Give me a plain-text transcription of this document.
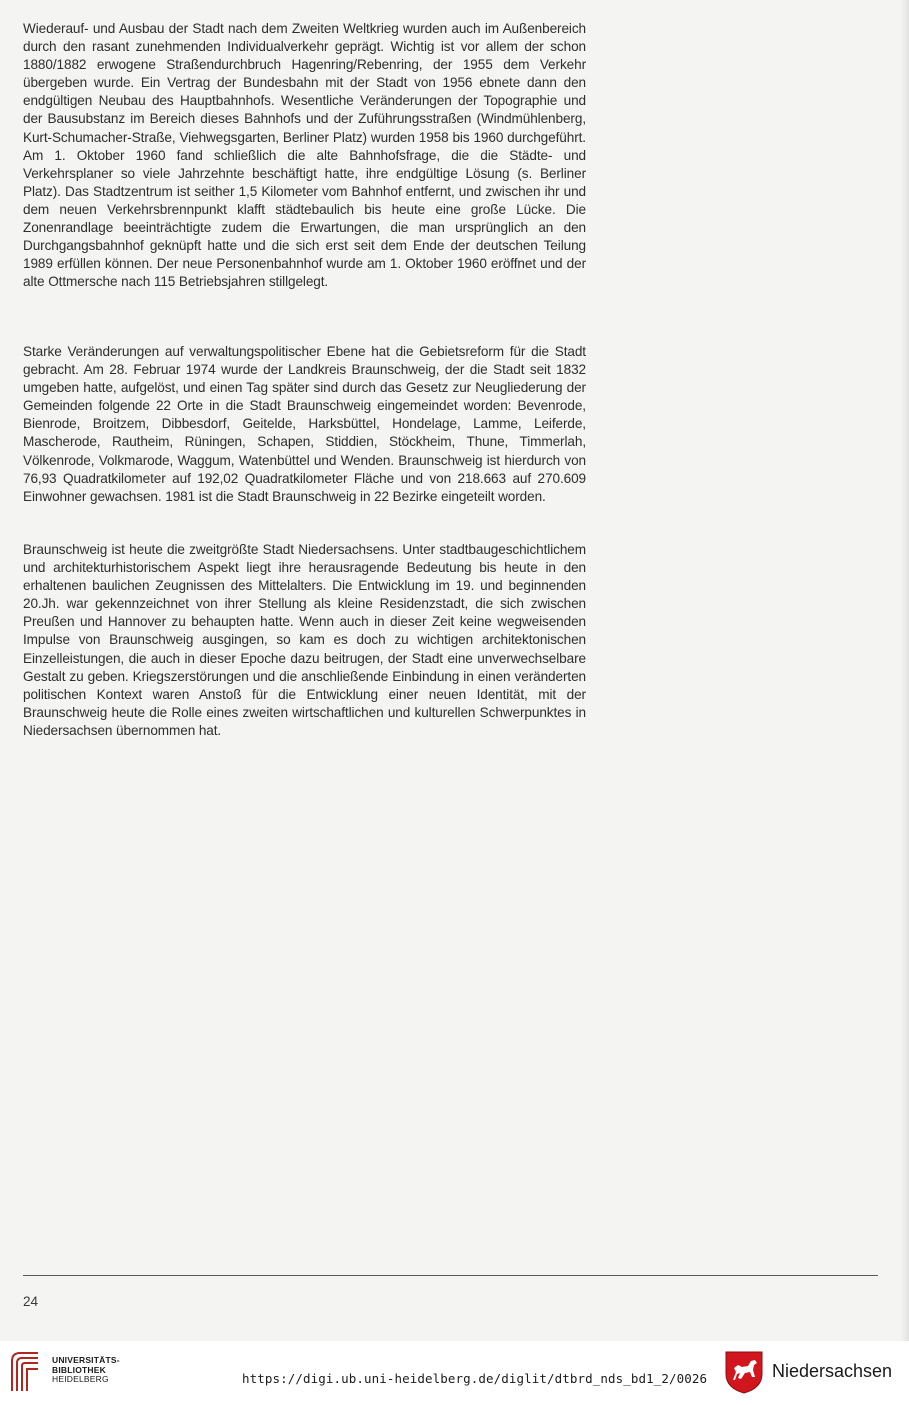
Wiederauf- und Ausbau der Stadt nach dem Zweiten Weltkrieg wurden auch im Außenbereich durch den rasant zunehmenden Individualverkehr geprägt. Wichtig ist vor allem der schon 1880/1882 erwogene Straßendurchbruch Hagenring/Rebenring, der 1955 dem Verkehr übergeben wurde. Ein Vertrag der Bundesbahn mit der Stadt von 1956 ebnete dann den endgültigen Neubau des Hauptbahnhofs. Wesentliche Veränderungen der Topographie und der Bausubstanz im Bereich dieses Bahnhofs und der Zuführungsstraßen (Windmühlenberg, Kurt-Schumacher-Straße, Viehwegsgarten, Berliner Platz) wurden 1958 bis 1960 durchgeführt. Am 1. Oktober 1960 fand schließlich die alte Bahnhofsfrage, die die Städte- und Verkehrsplaner so viele Jahrzehnte beschäftigt hatte, ihre endgültige Lösung (s. Berliner Platz). Das Stadtzentrum ist seither 1,5 Kilometer vom Bahnhof entfernt, und zwischen ihr und dem neuen Verkehrsbrennpunkt klafft städtebaulich bis heute eine große Lücke. Die Zonenrandlage beeinträchtigte zudem die Erwartungen, die man ursprünglich an den Durchgangsbahnhof geknüpft hatte und die sich erst seit dem Ende der deutschen Teilung 1989 erfüllen können. Der neue Personenbahnhof wurde am 1. Oktober 1960 eröffnet und der alte Ottmersche nach 115 Betriebsjahren stillgelegt.

Starke Veränderungen auf verwaltungspolitischer Ebene hat die Gebietsreform für die Stadt gebracht. Am 28. Februar 1974 wurde der Landkreis Braunschweig, der die Stadt seit 1832 umgeben hatte, aufgelöst, und einen Tag später sind durch das Gesetz zur Neugliederung der Gemeinden folgende 22 Orte in die Stadt Braunschweig eingemeindet worden: Bevenrode, Bienrode, Broitzem, Dibbesdorf, Geitelde, Harksbüttel, Hondelage, Lamme, Leiferde, Mascherode, Rautheim, Rüningen, Schapen, Stiddien, Stöckheim, Thune, Timmerlah, Völkenrode, Volkmarode, Waggum, Watenbüttel und Wenden. Braunschweig ist hierdurch von 76,93 Quadratkilometer auf 192,02 Quadratkilometer Fläche und von 218.663 auf 270.609 Einwohner gewachsen. 1981 ist die Stadt Braunschweig in 22 Bezirke eingeteilt worden.

Braunschweig ist heute die zweitgrößte Stadt Niedersachsens. Unter stadtbaugeschichtlichem und architekturhistorischem Aspekt liegt ihre herausragende Bedeutung bis heute in den erhaltenen baulichen Zeugnissen des Mittelalters. Die Entwicklung im 19. und beginnenden 20.Jh. war gekennzeichnet von ihrer Stellung als kleine Residenzstadt, die sich zwischen Preußen und Hannover zu behaupten hatte. Wenn auch in dieser Zeit keine wegweisenden Impulse von Braunschweig ausgingen, so kam es doch zu wichtigen architektonischen Einzelleistungen, die auch in dieser Epoche dazu beitrugen, der Stadt eine unverwechselbare Gestalt zu geben. Kriegszerstörungen und die anschließende Einbindung in einen veränderten politischen Kontext waren Anstoß für die Entwicklung einer neuen Identität, mit der Braunschweig heute die Rolle eines zweiten wirtschaftlichen und kulturellen Schwerpunktes in Niedersachsen übernommen hat.

24
UNIVERSITÄTS-
BIBLIOTHEK
HEIDELBERG	https://digi.ub.uni-heidelberg.de/diglit/dtbrd_nds_bd1_2/0026	Niedersachsen
